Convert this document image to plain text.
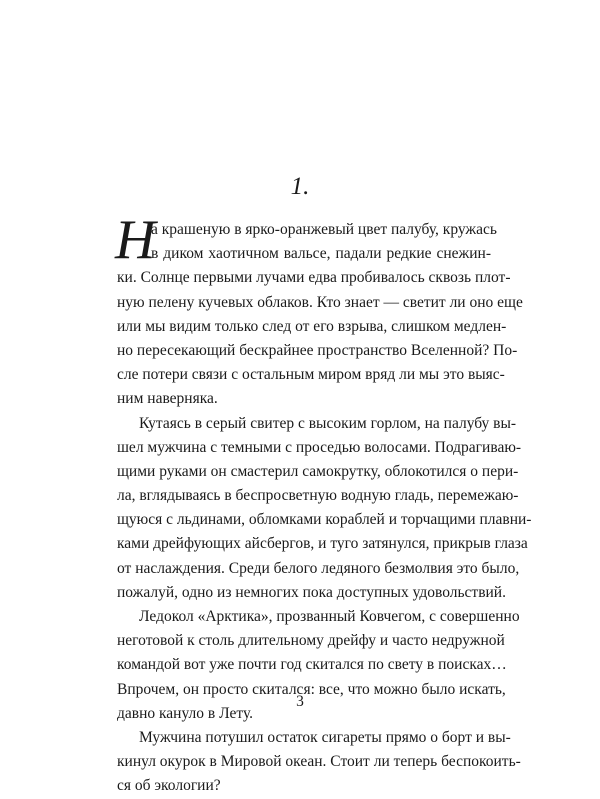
1.
Н
а крашеную в ярко-оранжевый цвет палубу, кружась
в диком хаотичном вальсе, падали редкие снежин-
ки. Солнце первыми лучами едва пробивалось сквозь плот-
ную пелену кучевых облаков. Кто знает — светит ли оно еще
или мы видим только след от его взрыва, слишком медлен-
но пересекающий бескрайнее пространство Вселенной? По-
сле потери связи с остальным миром вряд ли мы это выяс-
ним наверняка.
Кутаясь в серый свитер с высоким горлом, на палубу вы-
шел мужчина с темными с проседью волосами. Подрагиваю-
щими руками он смастерил самокрутку, облокотился о пери-
ла, вглядываясь в беспросветную водную гладь, перемежаю-
щуюся с льдинами, обломками кораблей и торчащими плавни-
ками дрейфующих айсбергов, и туго затянулся, прикрыв глаза
от наслаждения. Среди белого ледяного безмолвия это было,
пожалуй, одно из немногих пока доступных удовольствий.
Ледокол «Арктика», прозванный Ковчегом, с совершенно
неготовой к столь длительному дрейфу и часто недружной
командой вот уже почти год скитался по свету в поисках…
Впрочем, он просто скитался: все, что можно было искать,
давно кануло в Лету.
Мужчина потушил остаток сигареты прямо о борт и вы-
кинул окурок в Мировой океан. Стоит ли теперь беспокоить-
ся об экологии?
3
